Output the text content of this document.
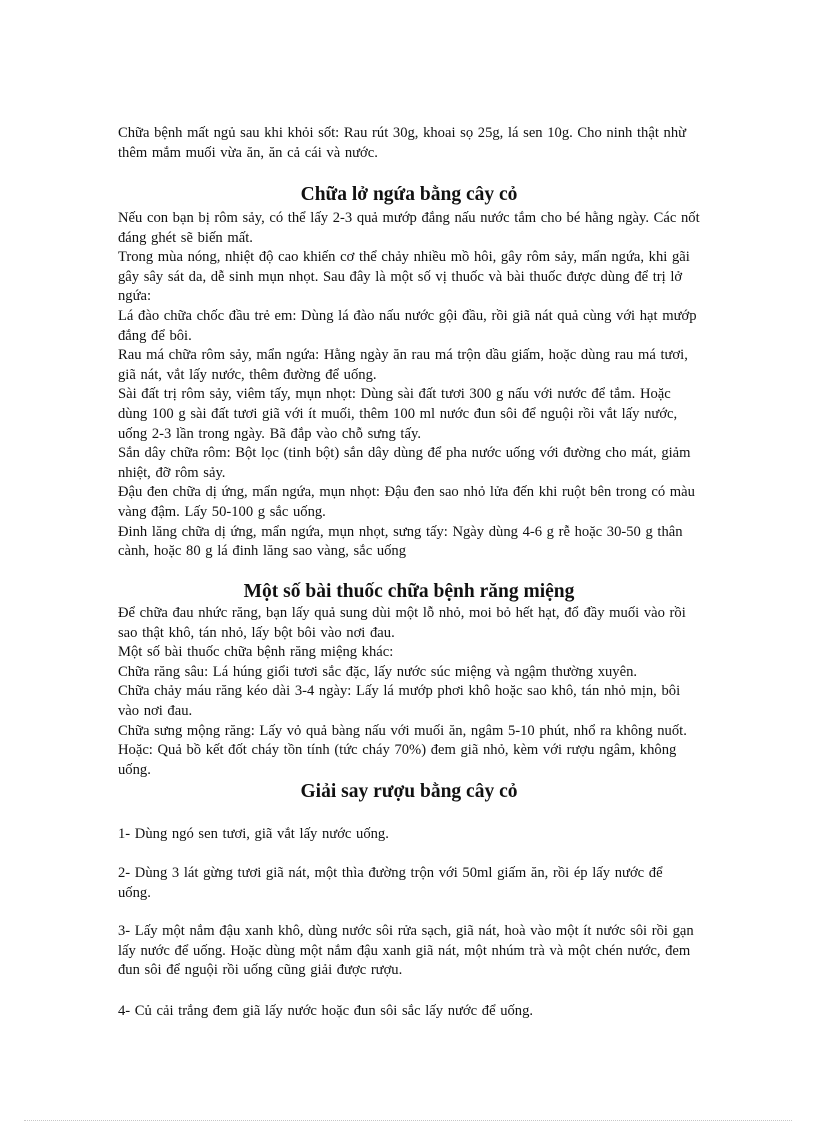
Chữa bệnh mất ngủ sau khi khỏi sốt: Rau rút 30g, khoai sọ 25g, lá sen 10g. Cho ninh thật nhừ thêm mắm muối vừa ăn, ăn cả cái và nước.

Chữa lở ngứa bằng cây cỏ

Nếu con bạn bị rôm sảy, có thể lấy 2-3 quả mướp đắng nấu nước tắm cho bé hằng ngày. Các nốt đáng ghét sẽ biến mất.

Trong mùa nóng, nhiệt độ cao khiến cơ thể chảy nhiều mồ hôi, gây rôm sảy, mẩn ngứa, khi gãi gây sây sát da, dễ sinh mụn nhọt. Sau đây là một số vị thuốc và bài thuốc được dùng để trị lở ngứa:

Lá đào chữa chốc đầu trẻ em: Dùng lá đào nấu nước gội đầu, rồi giã nát quả cùng với hạt mướp đắng để bôi.

Rau má chữa rôm sảy, mẩn ngứa: Hằng ngày ăn rau má trộn dầu giấm, hoặc dùng rau má tươi, giã nát, vắt lấy nước, thêm đường để uống.

Sài đất trị rôm sảy, viêm tấy, mụn nhọt: Dùng sài đất tươi 300 g nấu với nước để tắm. Hoặc dùng 100 g sài đất tươi giã với ít muối, thêm 100 ml nước đun sôi để nguội rồi vắt lấy nước, uống 2-3 lần trong ngày. Bã đắp vào chỗ sưng tấy.

Sắn dây chữa rôm: Bột lọc (tinh bột) sắn dây dùng để pha nước uống với đường cho mát, giảm nhiệt, đỡ rôm sảy.

Đậu đen chữa dị ứng, mẩn ngứa, mụn nhọt: Đậu đen sao nhỏ lửa đến khi ruột bên trong có màu vàng đậm. Lấy 50-100 g sắc uống.

Đinh lăng chữa dị ứng, mẩn ngứa, mụn nhọt, sưng tấy: Ngày dùng 4-6 g rễ hoặc 30-50 g thân cành, hoặc 80 g lá đinh lăng sao vàng, sắc uống

Một số bài thuốc chữa bệnh răng miệng

Để chữa đau nhức răng, bạn lấy quả sung dùi một lỗ nhỏ, moi bỏ hết hạt, đổ đầy muối vào rồi sao thật khô, tán nhỏ, lấy bột bôi vào nơi đau.

Một số bài thuốc chữa bệnh răng miệng khác:

Chữa răng sâu: Lá húng giổi tươi sắc đặc, lấy nước súc miệng và ngậm thường xuyên.

Chữa chảy máu răng kéo dài 3-4 ngày: Lấy lá mướp phơi khô hoặc sao khô, tán nhỏ mịn, bôi vào nơi đau.

Chữa sưng mộng răng: Lấy vỏ quả bàng nấu với muối ăn, ngâm 5-10 phút, nhổ ra không nuốt. Hoặc: Quả bồ kết đốt cháy tồn tính (tức cháy 70%) đem giã nhỏ, kèm với rượu ngâm, không uống.

Giải say rượu bằng cây cỏ

1- Dùng ngó sen tươi, giã vắt lấy nước uống.

2- Dùng 3 lát gừng tươi giã nát, một thìa đường trộn với 50ml giấm ăn, rồi ép lấy nước để uống.

3- Lấy một nắm đậu xanh khô, dùng nước sôi rửa sạch, giã nát, hoà vào một ít nước sôi rồi gạn lấy nước để uống. Hoặc dùng một nắm đậu xanh giã nát, một nhúm trà và một chén nước, đem đun sôi để nguội rồi uống cũng giải được rượu.

4- Củ cải trắng đem giã lấy nước hoặc đun sôi sắc lấy nước để uống.
